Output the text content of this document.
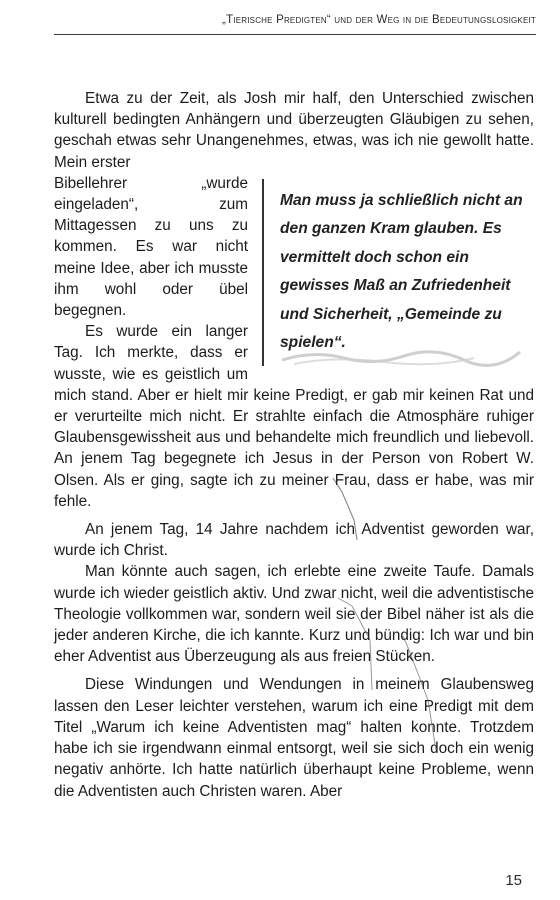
„Tierische Predigten“ und der Weg in die Bedeutungslosigkeit

Etwa zu der Zeit, als Josh mir half, den Unterschied zwischen kulturell bedingten Anhängern und überzeugten Gläubigen zu sehen, geschah etwas sehr Unangenehmes, etwas, was ich nie gewollt hatte. Mein erster

Man muss ja schließlich nicht an den ganzen Kram glauben. Es vermittelt doch schon ein gewisses Maß an Zufriedenheit und Sicherheit, „Gemeinde zu spielen“.
Bibellehrer „wurde eingeladen“, zum Mittagessen zu uns zu kommen. Es war nicht meine Idee, aber ich musste ihm wohl oder übel begegnen.

Es wurde ein langer Tag. Ich merkte, dass er wusste, wie es geistlich um mich stand. Aber er hielt mir keine Predigt, er gab mir keinen Rat und er verurteilte mich nicht. Er strahlte einfach die Atmosphäre ruhiger Glaubensgewissheit aus und behandelte mich freundlich und liebevoll. An jenem Tag begegnete ich Jesus in der Person von Robert W. Olsen. Als er ging, sagte ich zu meiner Frau, dass er habe, was mir fehle.

An jenem Tag, 14 Jahre nachdem ich Adventist geworden war, wurde ich Christ.

Man könnte auch sagen, ich erlebte eine zweite Taufe. Damals wurde ich wieder geistlich aktiv. Und zwar nicht, weil die adventistische Theologie vollkommen war, sondern weil sie der Bibel näher ist als die jeder anderen Kirche, die ich kannte. Kurz und bündig: Ich war und bin eher Adventist aus Überzeugung als aus freien Stücken.

Diese Windungen und Wendungen in meinem Glaubensweg lassen den Leser leichter verstehen, warum ich eine Predigt mit dem Titel „Warum ich keine Adventisten mag“ halten konnte. Trotzdem habe ich sie irgendwann einmal entsorgt, weil sie sich doch ein wenig negativ anhörte. Ich hatte natürlich überhaupt keine Probleme, wenn die Adventisten auch Christen waren. Aber

15
